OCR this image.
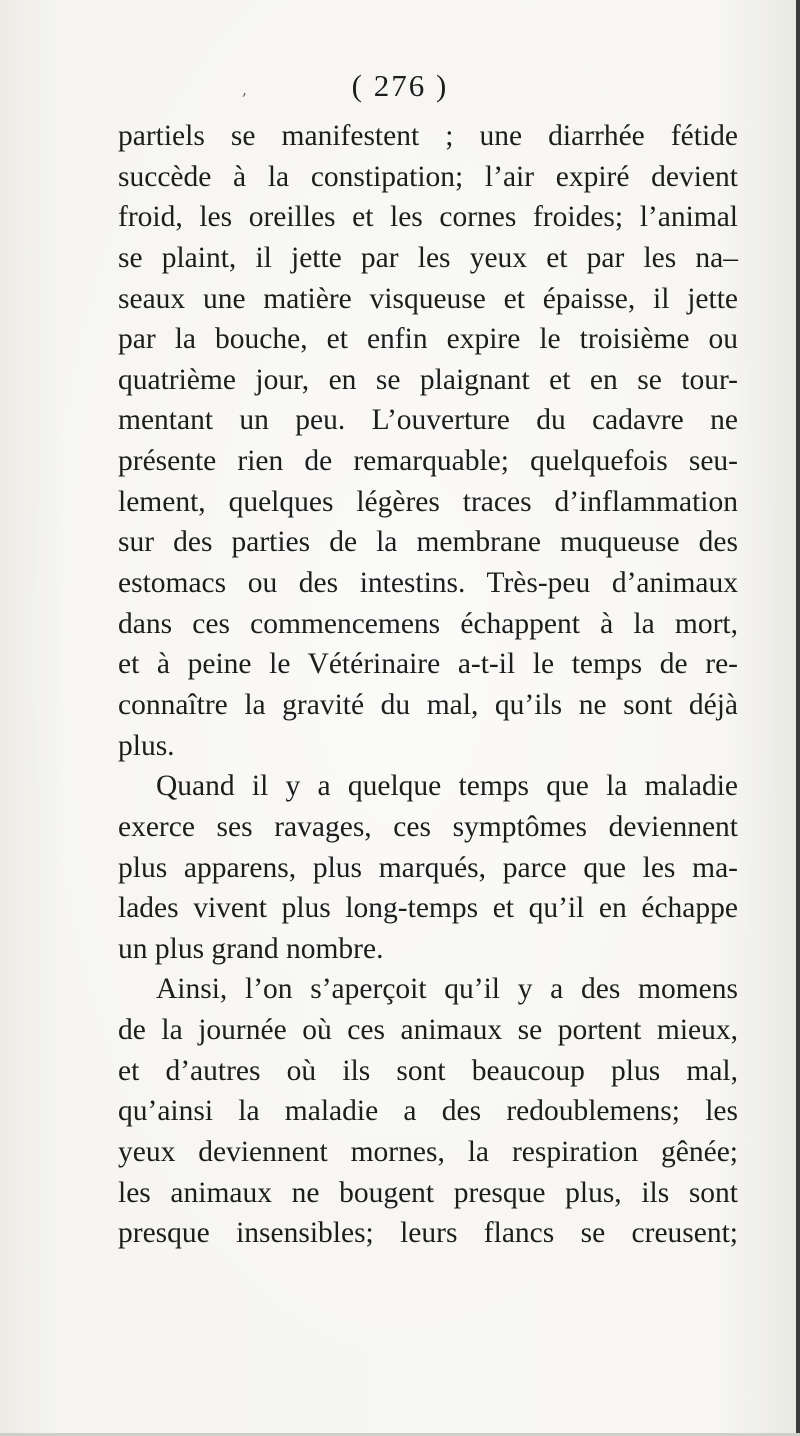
,	( 276 )
partiels se manifestent ; une diarrhée fétide
succède à la constipation; l’air expiré devient
froid, les oreilles et les cornes froides; l’animal
se plaint, il jette par les yeux et par les na–
seaux une matière visqueuse et épaisse, il jette
par la bouche, et enfin expire le troisième ou
quatrième jour, en se plaignant et en se tour-
mentant un peu. L’ouverture du cadavre ne
présente rien de remarquable; quelquefois seu-
lement, quelques légères traces d’inflammation
sur des parties de la membrane muqueuse des
estomacs ou des intestins. Très-peu d’animaux
dans ces commencemens échappent à la mort,
et à peine le Vétérinaire a-t-il le temps de re-
connaître la gravité du mal, qu’ils ne sont déjà
plus.
Quand il y a quelque temps que la maladie
exerce ses ravages, ces symptômes deviennent
plus apparens, plus marqués, parce que les ma-
lades vivent plus long-temps et qu’il en échappe
un plus grand nombre.
Ainsi, l’on s’aperçoit qu’il y a des momens
de la journée où ces animaux se portent mieux,
et d’autres où ils sont beaucoup plus mal,
qu’ainsi la maladie a des redoublemens; les
yeux deviennent mornes, la respiration gênée;
les animaux ne bougent presque plus, ils sont
presque insensibles; leurs flancs se creusent;
